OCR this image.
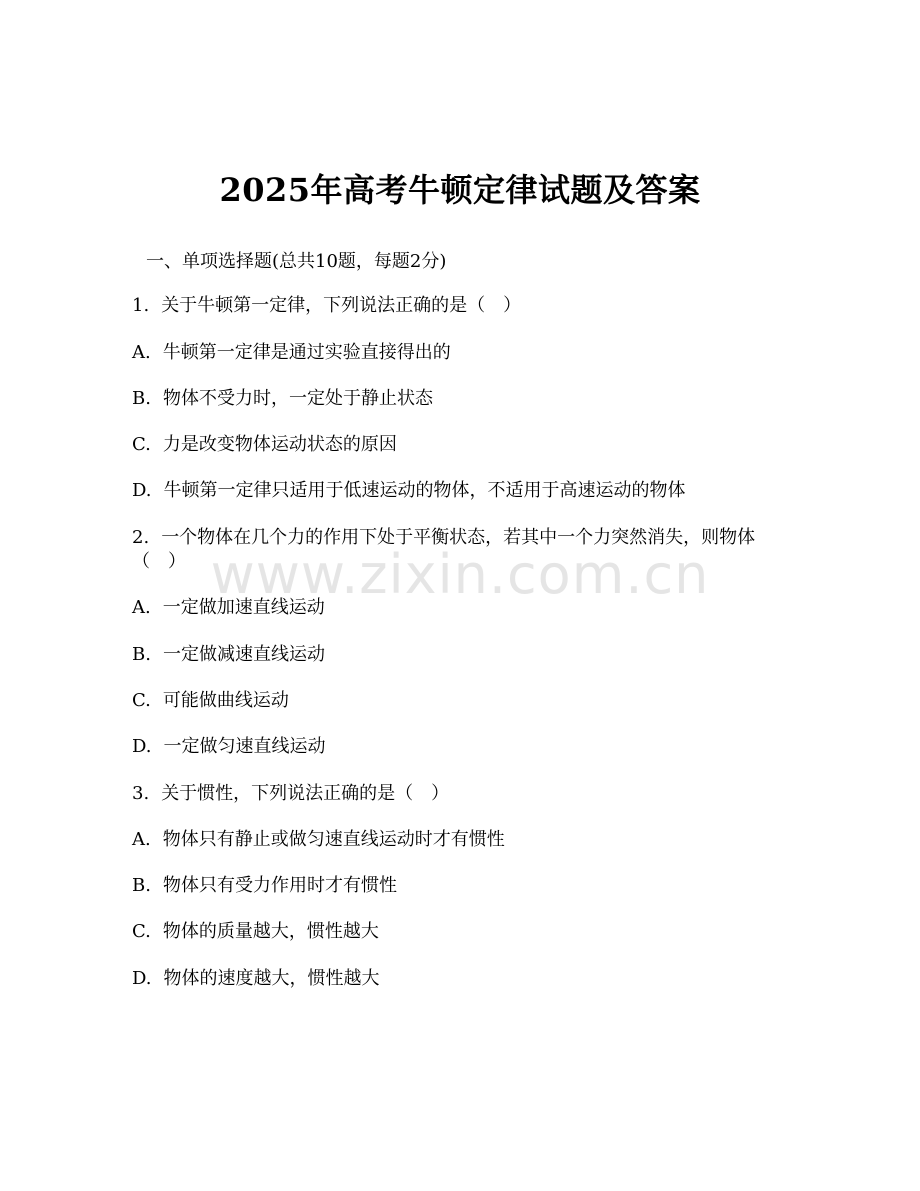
2025年高考牛顿定律试题及答案
一、单项选择题(总共10题，每题2分)
1. 关于牛顿第一定律，下列说法正确的是（　）
A. 牛顿第一定律是通过实验直接得出的
B. 物体不受力时，一定处于静止状态
C. 力是改变物体运动状态的原因
D. 牛顿第一定律只适用于低速运动的物体，不适用于高速运动的物体
2. 一个物体在几个力的作用下处于平衡状态，若其中一个力突然消失，则物体（　）
A. 一定做加速直线运动
B. 一定做减速直线运动
C. 可能做曲线运动
D. 一定做匀速直线运动
3. 关于惯性，下列说法正确的是（　）
A. 物体只有静止或做匀速直线运动时才有惯性
B. 物体只有受力作用时才有惯性
C. 物体的质量越大，惯性越大
D. 物体的速度越大，惯性越大
www.zixin.com.cn
